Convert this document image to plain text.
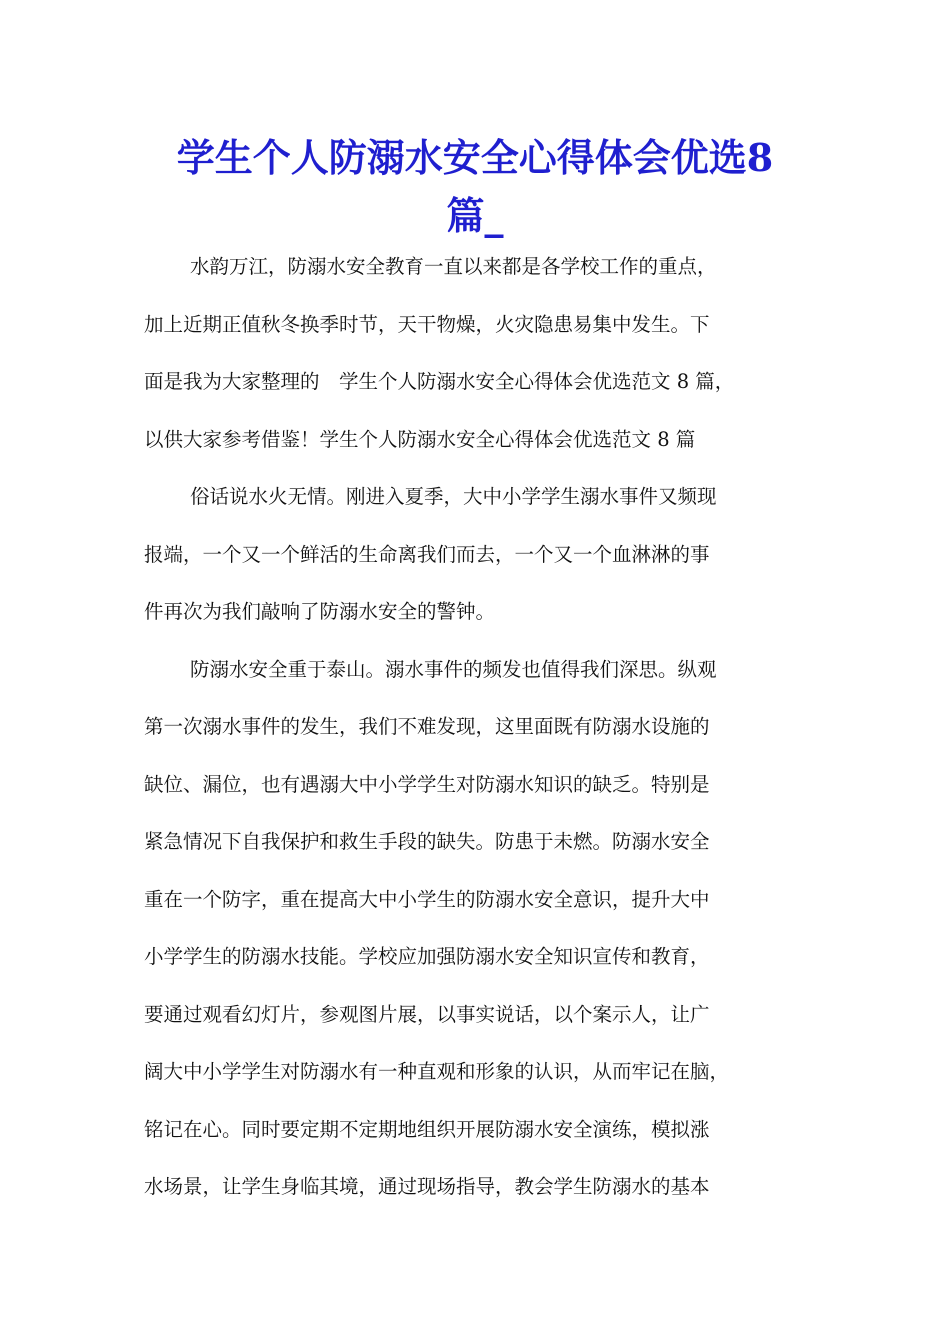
学生个人防溺水安全心得体会优选8
篇_

水韵万江，防溺水安全教育一直以来都是各学校工作的重点，
加上近期正值秋冬换季时节，天干物燥，火灾隐患易集中发生。下
面是我为大家整理的　学生个人防溺水安全心得体会优选范文 8 篇，
以供大家参考借鉴！学生个人防溺水安全心得体会优选范文 8 篇

俗话说水火无情。刚进入夏季，大中小学学生溺水事件又频现
报端，一个又一个鲜活的生命离我们而去，一个又一个血淋淋的事
件再次为我们敲响了防溺水安全的警钟。

防溺水安全重于泰山。溺水事件的频发也值得我们深思。纵观
第一次溺水事件的发生，我们不难发现，这里面既有防溺水设施的
缺位、漏位，也有遇溺大中小学学生对防溺水知识的缺乏。特别是
紧急情况下自我保护和救生手段的缺失。防患于未燃。防溺水安全
重在一个防字，重在提高大中小学生的防溺水安全意识，提升大中
小学学生的防溺水技能。学校应加强防溺水安全知识宣传和教育，
要通过观看幻灯片，参观图片展，以事实说话，以个案示人，让广
阔大中小学学生对防溺水有一种直观和形象的认识，从而牢记在脑，
铭记在心。同时要定期不定期地组织开展防溺水安全演练，模拟涨
水场景，让学生身临其境，通过现场指导，教会学生防溺水的基本
